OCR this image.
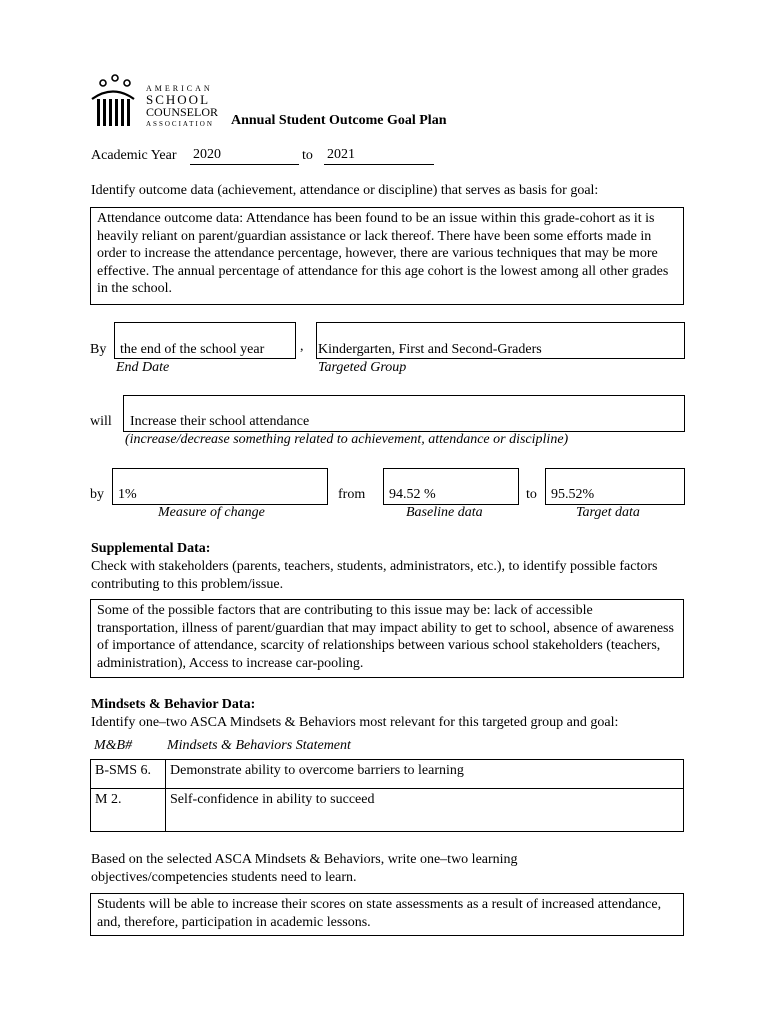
AMERICAN
SCHOOL
COUNSELOR
ASSOCIATION Annual Student Outcome Goal Plan
Academic Year 2020	to 2021
Identify outcome data (achievement, attendance or discipline) that serves as basis for goal:
Attendance outcome data: Attendance has been found to be an issue within this grade-cohort as it is heavily reliant on parent/guardian assistance or lack thereof. There have been some efforts made in order to increase the attendance percentage, however, there are various techniques that may be more effective. The annual percentage of attendance for this age cohort is the lowest among all other grades in the school.
By the end of the school year	, Kindergarten, First and Second-Graders
End Date	Targeted Group
will Increase their school attendance
(increase/decrease something related to achievement, attendance or discipline)
by 1%	from 94.52 %	to 95.52%
Measure of change	Baseline data	Target data
Supplemental Data:
Check with stakeholders (parents, teachers, students, administrators, etc.), to identify possible factors contributing to this problem/issue.
Some of the possible factors that are contributing to this issue may be: lack of accessible transportation, illness of parent/guardian that may impact ability to get to school, absence of awareness of importance of attendance, scarcity of relationships between various school stakeholders (teachers, administration), Access to increase car-pooling.
Mindsets & Behavior Data:
Identify one–two ASCA Mindsets & Behaviors most relevant for this targeted group and goal:
M&B# Mindsets & Behaviors Statement
B-SMS 6.	Demonstrate ability to overcome barriers to learning
M 2.	Self-confidence in ability to succeed
Based on the selected ASCA Mindsets & Behaviors, write one–two learning objectives/competencies students need to learn.
Students will be able to increase their scores on state assessments as a result of increased attendance, and, therefore, participation in academic lessons.
